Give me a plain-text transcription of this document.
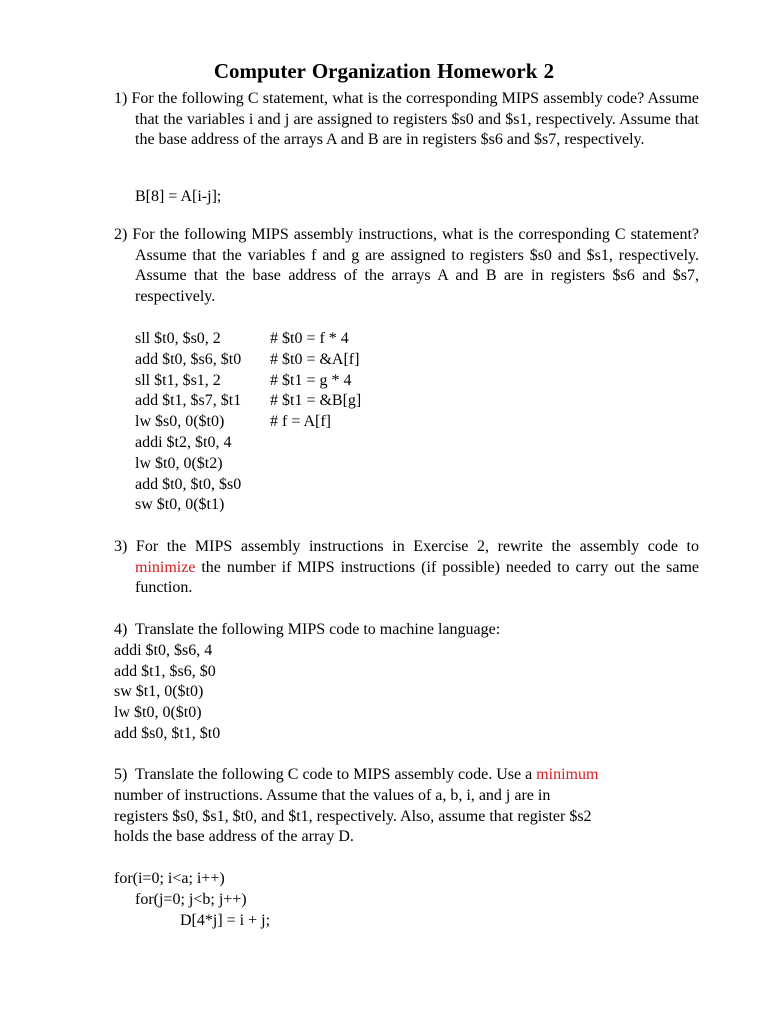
Computer Organization Homework 2
1) For the following C statement, what is the corresponding MIPS assembly code? Assume that the variables i and j are assigned to registers $s0 and $s1, respectively. Assume that the base address of the arrays A and B are in registers $s6 and $s7, respectively.
B[8] = A[i-j];
2) For the following MIPS assembly instructions, what is the corresponding C statement? Assume that the variables f and g are assigned to registers $s0 and $s1, respectively. Assume that the base address of the arrays A and B are in registers $s6 and $s7, respectively.
sll $t0, $s0, 2	# $t0 = f * 4
add $t0, $s6, $t0 # $t0 = &A[f]
sll $t1, $s1, 2	# $t1 = g * 4
add $t1, $s7, $t1 # $t1 = &B[g]
lw $s0, 0($t0)	# f = A[f]
addi $t2, $t0, 4
lw $t0, 0($t2)
add $t0, $t0, $s0
sw $t0, 0($t1)
3) For the MIPS assembly instructions in Exercise 2, rewrite the assembly code to minimize the number if MIPS instructions (if possible) needed to carry out the same function.
4)  Translate the following MIPS code to machine language:
addi $t0, $s6, 4
add $t1, $s6, $0
sw $t1, 0($t0)
lw $t0, 0($t0)
add $s0, $t1, $t0
5)  Translate the following C code to MIPS assembly code. Use a minimum
number of instructions. Assume that the values of a, b, i, and j are in
registers $s0, $s1, $t0, and $t1, respectively. Also, assume that register $s2
holds the base address of the array D.
for(i=0; i<a; i++)
for(j=0; j<b; j++)
D[4*j] = i + j;
